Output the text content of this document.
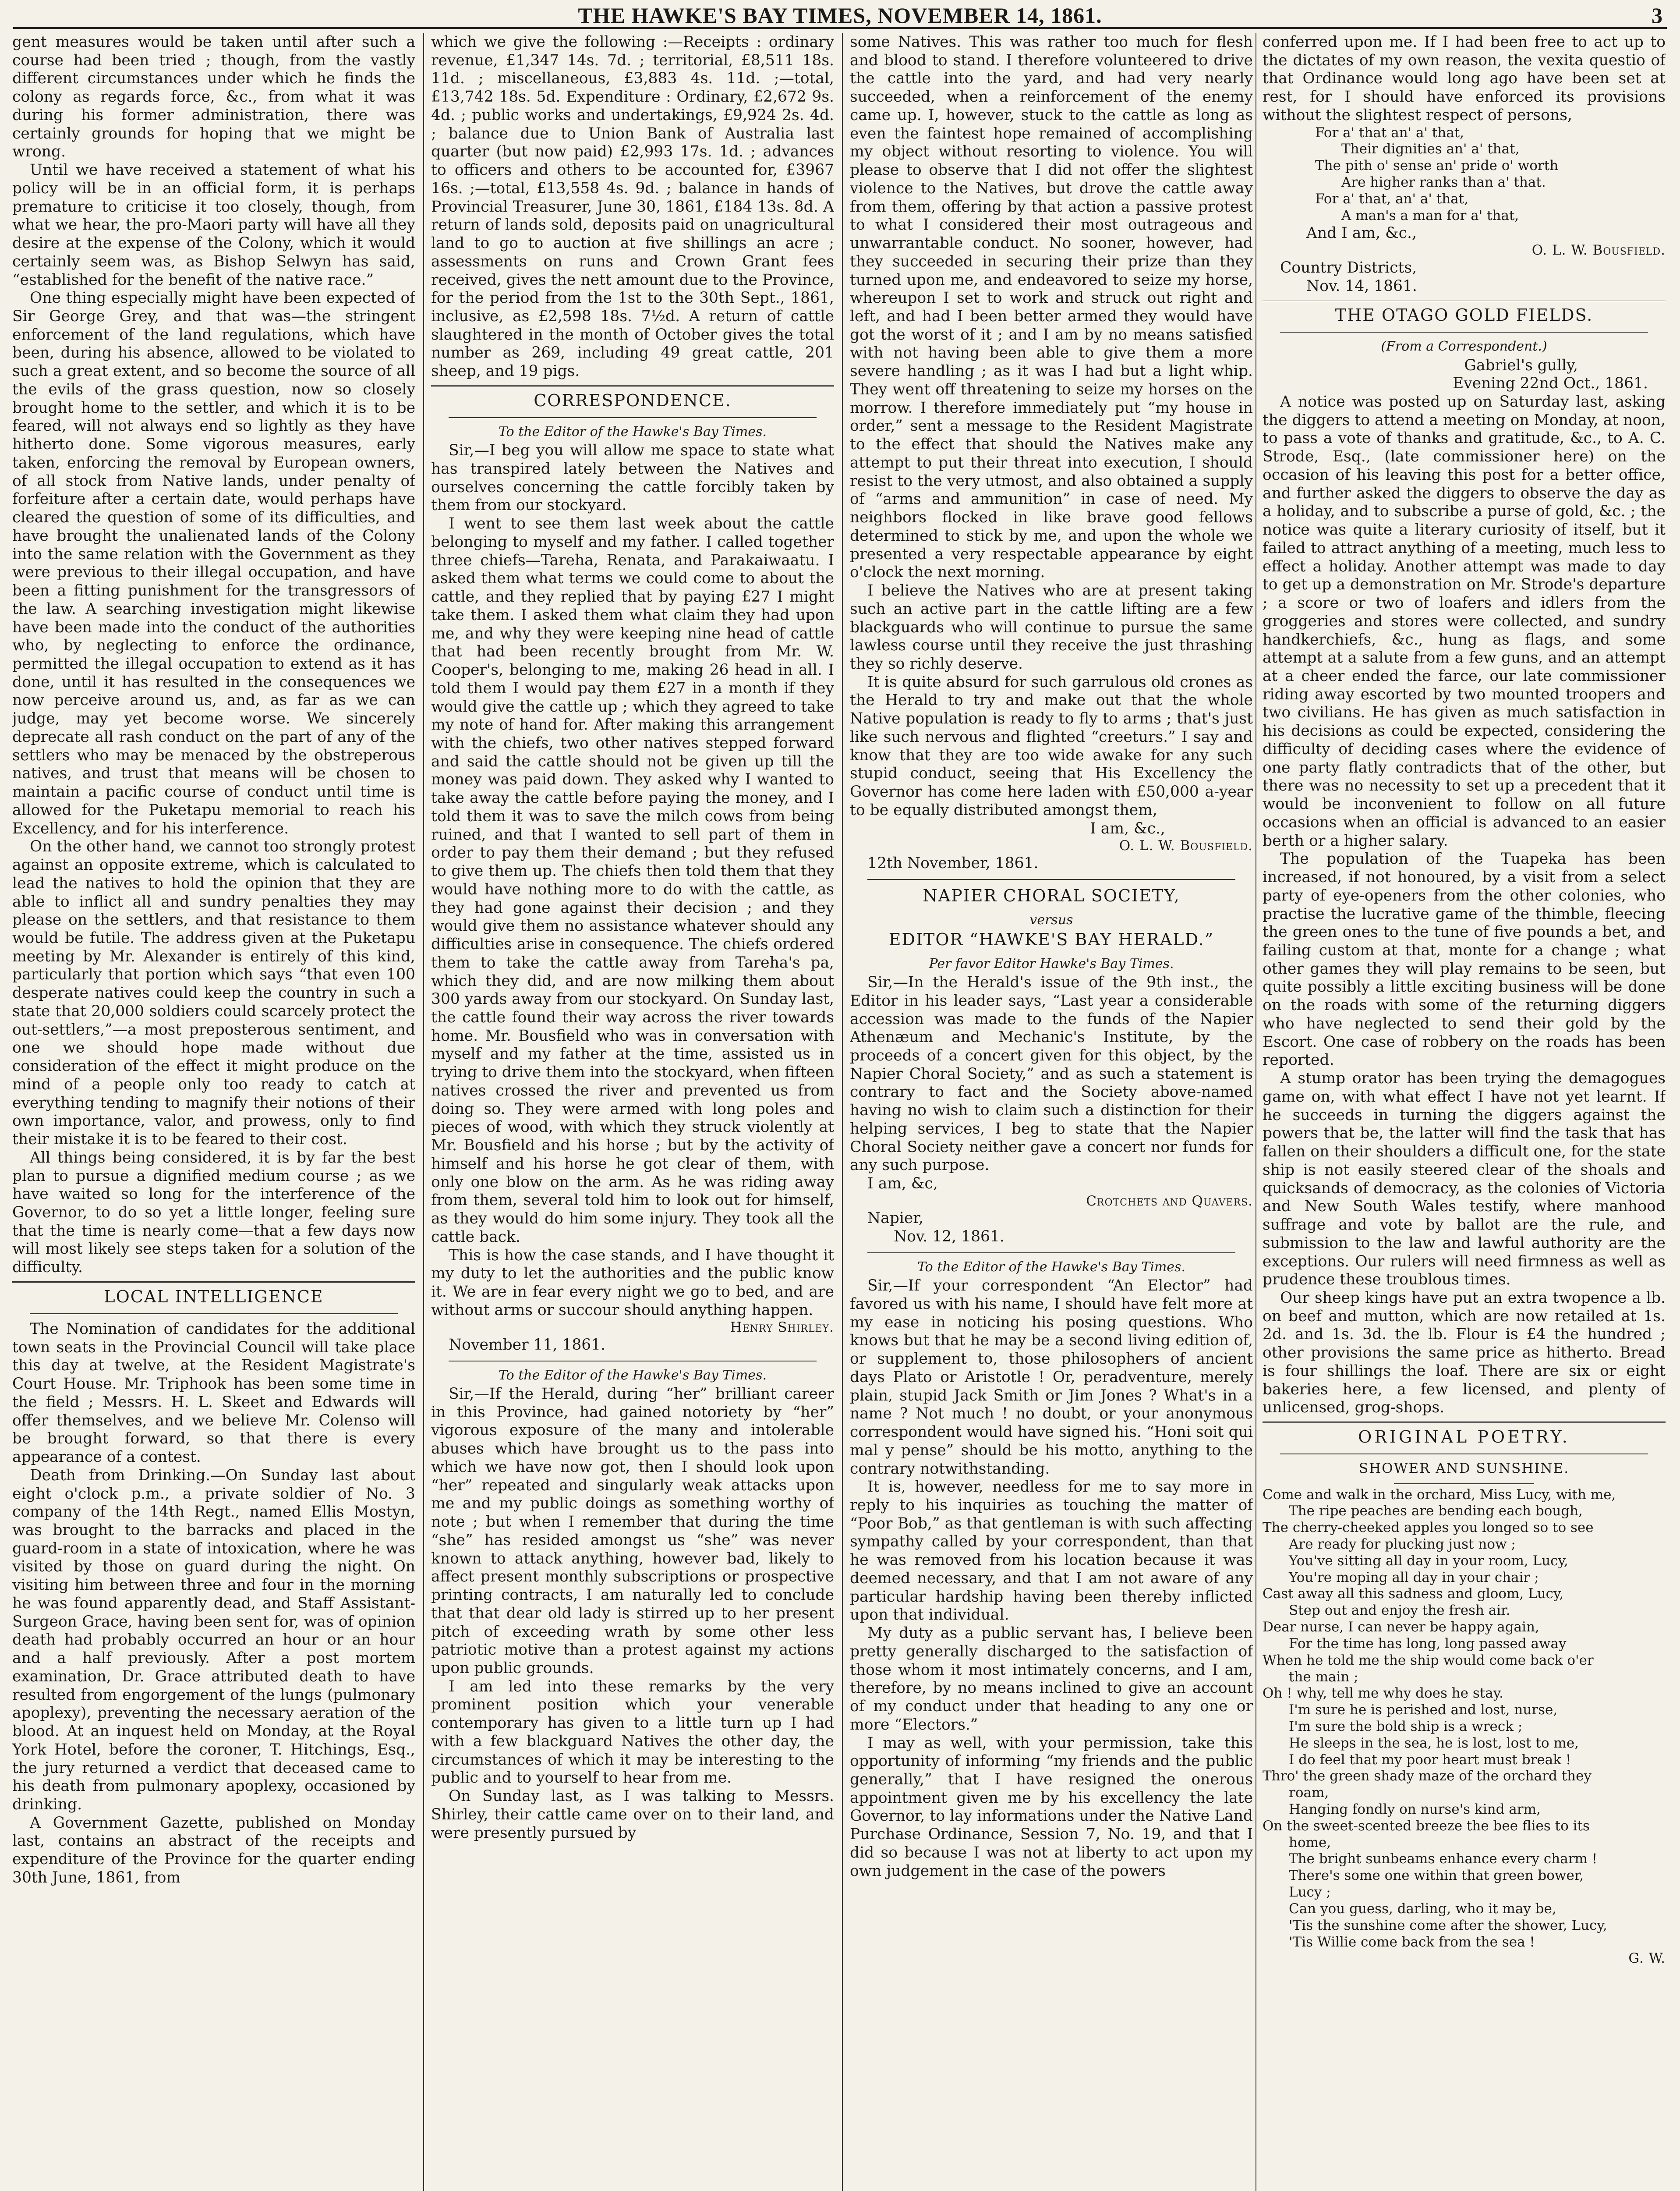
THE HAWKE'S BAY TIMES, NOVEMBER 14, 1861.	3

gent measures would be taken until after such a course had been tried ; though, from the vastly different circumstances under which he finds the colony as regards force, &c., from what it was during his former administration, there was certainly grounds for hoping that we might be wrong.

Until we have received a statement of what his policy will be in an official form, it is perhaps premature to criticise it too closely, though, from what we hear, the pro-Maori party will have all they desire at the expense of the Colony, which it would certainly seem was, as Bishop Selwyn has said, “established for the benefit of the native race.”

One thing especially might have been expected of Sir George Grey, and that was—the stringent enforcement of the land regulations, which have been, during his absence, allowed to be violated to such a great extent, and so become the source of all the evils of the grass question, now so closely brought home to the settler, and which it is to be feared, will not always end so lightly as they have hitherto done. Some vigorous measures, early taken, enforcing the removal by European owners, of all stock from Native lands, under penalty of forfeiture after a certain date, would perhaps have cleared the question of some of its difficulties, and have brought the unalienated lands of the Colony into the same relation with the Government as they were previous to their illegal occupation, and have been a fitting punishment for the transgressors of the law. A searching investigation might likewise have been made into the conduct of the authorities who, by neglecting to enforce the ordinance, permitted the illegal occupation to extend as it has done, until it has resulted in the consequences we now perceive around us, and, as far as we can judge, may yet become worse. We sincerely deprecate all rash conduct on the part of any of the settlers who may be menaced by the obstreperous natives, and trust that means will be chosen to maintain a pacific course of conduct until time is allowed for the Puketapu memorial to reach his Excellency, and for his interference.

On the other hand, we cannot too strongly protest against an opposite extreme, which is calculated to lead the natives to hold the opinion that they are able to inflict all and sundry penalties they may please on the settlers, and that resistance to them would be futile. The address given at the Puketapu meeting by Mr. Alexander is entirely of this kind, particularly that portion which says “that even 100 desperate natives could keep the country in such a state that 20,000 soldiers could scarcely protect the out-settlers,”—a most preposterous sentiment, and one we should hope made without due consideration of the effect it might produce on the mind of a people only too ready to catch at everything tending to magnify their notions of their own importance, valor, and prowess, only to find their mistake it is to be feared to their cost.

All things being considered, it is by far the best plan to pursue a dignified medium course ; as we have waited so long for the interference of the Governor, to do so yet a little longer, feeling sure that the time is nearly come—that a few days now will most likely see steps taken for a solution of the difficulty.

LOCAL INTELLIGENCE

The Nomination of candidates for the additional town seats in the Provincial Council will take place this day at twelve, at the Resident Magistrate's Court House. Mr. Triphook has been some time in the field ; Messrs. H. L. Skeet and Edwards will offer themselves, and we believe Mr. Colenso will be brought forward, so that there is every appearance of a contest.

Death from Drinking.—On Sunday last about eight o'clock p.m., a private soldier of No. 3 company of the 14th Regt., named Ellis Mostyn, was brought to the barracks and placed in the guard-room in a state of intoxication, where he was visited by those on guard during the night. On visiting him between three and four in the morning he was found apparently dead, and Staff Assistant-Surgeon Grace, having been sent for, was of opinion death had probably occurred an hour or an hour and a half previously. After a post mortem examination, Dr. Grace attributed death to have resulted from engorgement of the lungs (pulmonary apoplexy), preventing the necessary aeration of the blood. At an inquest held on Monday, at the Royal York Hotel, before the coroner, T. Hitchings, Esq., the jury returned a verdict that deceased came to his death from pulmonary apoplexy, occasioned by drinking.

A Government Gazette, published on Monday last, contains an abstract of the receipts and expenditure of the Province for the quarter ending 30th June, 1861, from

which we give the following :—Receipts : ordinary revenue, £1,347 14s. 7d. ; territorial, £8,511 18s. 11d. ; miscellaneous, £3,883 4s. 11d. ;—total, £13,742 18s. 5d. Expenditure : Ordinary, £2,672 9s. 4d. ; public works and undertakings, £9,924 2s. 4d. ; balance due to Union Bank of Australia last quarter (but now paid) £2,993 17s. 1d. ; advances to officers and others to be accounted for, £3967 16s. ;—total, £13,558 4s. 9d. ; balance in hands of Provincial Treasurer, June 30, 1861, £184 13s. 8d. A return of lands sold, deposits paid on unagricultural land to go to auction at five shillings an acre ; assessments on runs and Crown Grant fees received, gives the nett amount due to the Province, for the period from the 1st to the 30th Sept., 1861, inclusive, as £2,598 18s. 7½d. A return of cattle slaughtered in the month of October gives the total number as 269, including 49 great cattle, 201 sheep, and 19 pigs.

CORRESPONDENCE.
To the Editor of the Hawke's Bay Times.

Sir,—I beg you will allow me space to state what has transpired lately between the Natives and ourselves concerning the cattle forcibly taken by them from our stockyard.

I went to see them last week about the cattle belonging to myself and my father. I called together three chiefs—Tareha, Renata, and Parakaiwaatu. I asked them what terms we could come to about the cattle, and they replied that by paying £27 I might take them. I asked them what claim they had upon me, and why they were keeping nine head of cattle that had been recently brought from Mr. W. Cooper's, belonging to me, making 26 head in all. I told them I would pay them £27 in a month if they would give the cattle up ; which they agreed to take my note of hand for. After making this arrangement with the chiefs, two other natives stepped forward and said the cattle should not be given up till the money was paid down. They asked why I wanted to take away the cattle before paying the money, and I told them it was to save the milch cows from being ruined, and that I wanted to sell part of them in order to pay them their demand ; but they refused to give them up. The chiefs then told them that they would have nothing more to do with the cattle, as they had gone against their decision ; and they would give them no assistance whatever should any difficulties arise in consequence. The chiefs ordered them to take the cattle away from Tareha's pa, which they did, and are now milking them about 300 yards away from our stockyard. On Sunday last, the cattle found their way across the river towards home. Mr. Bousfield who was in conversation with myself and my father at the time, assisted us in trying to drive them into the stockyard, when fifteen natives crossed the river and prevented us from doing so. They were armed with long poles and pieces of wood, with which they struck violently at Mr. Bousfield and his horse ; but by the activity of himself and his horse he got clear of them, with only one blow on the arm. As he was riding away from them, several told him to look out for himself, as they would do him some injury. They took all the cattle back.

This is how the case stands, and I have thought it my duty to let the authorities and the public know it. We are in fear every night we go to bed, and are without arms or succour should anything happen.

Henry Shirley.

November 11, 1861.

To the Editor of the Hawke's Bay Times.

Sir,—If the Herald, during “her” brilliant career in this Province, had gained notoriety by “her” vigorous exposure of the many and intolerable abuses which have brought us to the pass into which we have now got, then I should look upon “her” repeated and singularly weak attacks upon me and my public doings as something worthy of note ; but when I remember that during the time “she” has resided amongst us “she” was never known to attack anything, however bad, likely to affect present monthly subscriptions or prospective printing contracts, I am naturally led to conclude that that dear old lady is stirred up to her present pitch of exceeding wrath by some other less patriotic motive than a protest against my actions upon public grounds.

I am led into these remarks by the very prominent position which your venerable contemporary has given to a little turn up I had with a few blackguard Natives the other day, the circumstances of which it may be interesting to the public and to yourself to hear from me.

On Sunday last, as I was talking to Messrs. Shirley, their cattle came over on to their land, and were presently pursued by

some Natives. This was rather too much for flesh and blood to stand. I therefore volunteered to drive the cattle into the yard, and had very nearly succeeded, when a reinforcement of the enemy came up. I, however, stuck to the cattle as long as even the faintest hope remained of accomplishing my object without resorting to violence. You will please to observe that I did not offer the slightest violence to the Natives, but drove the cattle away from them, offering by that action a passive protest to what I considered their most outrageous and unwarrantable conduct. No sooner, however, had they succeeded in securing their prize than they turned upon me, and endeavored to seize my horse, whereupon I set to work and struck out right and left, and had I been better armed they would have got the worst of it ; and I am by no means satisfied with not having been able to give them a more severe handling ; as it was I had but a light whip. They went off threatening to seize my horses on the morrow. I therefore immediately put “my house in order,” sent a message to the Resident Magistrate to the effect that should the Natives make any attempt to put their threat into execution, I should resist to the very utmost, and also obtained a supply of “arms and ammunition” in case of need. My neighbors flocked in like brave good fellows determined to stick by me, and upon the whole we presented a very respectable appearance by eight o'clock the next morning.

I believe the Natives who are at present taking such an active part in the cattle lifting are a few blackguards who will continue to pursue the same lawless course until they receive the just thrashing they so richly deserve.

It is quite absurd for such garrulous old crones as the Herald to try and make out that the whole Native population is ready to fly to arms ; that's just like such nervous and flighted “creeturs.” I say and know that they are too wide awake for any such stupid conduct, seeing that His Excellency the Governor has come here laden with £50,000 a-year to be equally distributed amongst them,

I am, &c.,

O. L. W. Bousfield.

12th November, 1861.

NAPIER CHORAL SOCIETY,
versus
EDITOR “HAWKE'S BAY HERALD.”
Per favor Editor Hawke's Bay Times.

Sir,—In the Herald's issue of the 9th inst., the Editor in his leader says, “Last year a considerable accession was made to the funds of the Napier Athenæum and Mechanic's Institute, by the proceeds of a concert given for this object, by the Napier Choral Society,” and as such a statement is contrary to fact and the Society above-named having no wish to claim such a distinction for their helping services, I beg to state that the Napier Choral Society neither gave a concert nor funds for any such purpose.

I am, &c,

Crotchets and Quavers.

Napier,

Nov. 12, 1861.

To the Editor of the Hawke's Bay Times.

Sir,—If your correspondent “An Elector” had favored us with his name, I should have felt more at my ease in noticing his posing questions. Who knows but that he may be a second living edition of, or supplement to, those philosophers of ancient days Plato or Aristotle ! Or, peradventure, merely plain, stupid Jack Smith or Jim Jones ? What's in a name ? Not much ! no doubt, or your anonymous correspondent would have signed his. “Honi soit qui mal y pense” should be his motto, anything to the contrary notwithstanding.

It is, however, needless for me to say more in reply to his inquiries as touching the matter of “Poor Bob,” as that gentleman is with such affecting sympathy called by your correspondent, than that he was removed from his location because it was deemed necessary, and that I am not aware of any particular hardship having been thereby inflicted upon that individual.

My duty as a public servant has, I believe been pretty generally discharged to the satisfaction of those whom it most intimately concerns, and I am, therefore, by no means inclined to give an account of my conduct under that heading to any one or more “Electors.”

I may as well, with your permission, take this opportunity of informing “my friends and the public generally,” that I have resigned the onerous appointment given me by his excellency the late Governor, to lay informations under the Native Land Purchase Ordinance, Session 7, No. 19, and that I did so because I was not at liberty to act upon my own judgement in the case of the powers

conferred upon me. If I had been free to act up to the dictates of my own reason, the vexita questio of that Ordinance would long ago have been set at rest, for I should have enforced its provisions without the slightest respect of persons,

For a' that an' a' that,

Their dignities an' a' that,

The pith o' sense an' pride o' worth

Are higher ranks than a' that.

For a' that, an' a' that,

A man's a man for a' that,

And I am, &c.,

O. L. W. Bousfield.

Country Districts,

Nov. 14, 1861.

THE OTAGO GOLD FIELDS.
(From a Correspondent.)

Gabriel's gully,

Evening 22nd Oct., 1861.

A notice was posted up on Saturday last, asking the diggers to attend a meeting on Monday, at noon, to pass a vote of thanks and gratitude, &c., to A. C. Strode, Esq., (late commissioner here) on the occasion of his leaving this post for a better office, and further asked the diggers to observe the day as a holiday, and to subscribe a purse of gold, &c. ; the notice was quite a literary curiosity of itself, but it failed to attract anything of a meeting, much less to effect a holiday. Another attempt was made to day to get up a demonstration on Mr. Strode's departure ; a score or two of loafers and idlers from the groggeries and stores were collected, and sundry handkerchiefs, &c., hung as flags, and some attempt at a salute from a few guns, and an attempt at a cheer ended the farce, our late commissioner riding away escorted by two mounted troopers and two civilians. He has given as much satisfaction in his decisions as could be expected, considering the difficulty of deciding cases where the evidence of one party flatly contradicts that of the other, but there was no necessity to set up a precedent that it would be inconvenient to follow on all future occasions when an official is advanced to an easier berth or a higher salary.

The population of the Tuapeka has been increased, if not honoured, by a visit from a select party of eye-openers from the other colonies, who practise the lucrative game of the thimble, fleecing the green ones to the tune of five pounds a bet, and failing custom at that, monte for a change ; what other games they will play remains to be seen, but quite possibly a little exciting business will be done on the roads with some of the returning diggers who have neglected to send their gold by the Escort. One case of robbery on the roads has been reported.

A stump orator has been trying the demagogues game on, with what effect I have not yet learnt. If he succeeds in turning the diggers against the powers that be, the latter will find the task that has fallen on their shoulders a difficult one, for the state ship is not easily steered clear of the shoals and quicksands of democracy, as the colonies of Victoria and New South Wales testify, where manhood suffrage and vote by ballot are the rule, and submission to the law and lawful authority are the exceptions. Our rulers will need firmness as well as prudence these troublous times.

Our sheep kings have put an extra twopence a lb. on beef and mutton, which are now retailed at 1s. 2d. and 1s. 3d. the lb. Flour is £4 the hundred ; other provisions the same price as hitherto. Bread is four shillings the loaf. There are six or eight bakeries here, a few licensed, and plenty of unlicensed, grog-shops.

ORIGINAL POETRY.
SHOWER AND SUNSHINE.

Come and walk in the orchard, Miss Lucy, with me,

The ripe peaches are bending each bough,

The cherry-cheeked apples you longed so to see

Are ready for plucking just now ;

You've sitting all day in your room, Lucy,

You're moping all day in your chair ;

Cast away all this sadness and gloom, Lucy,

Step out and enjoy the fresh air.

Dear nurse, I can never be happy again,

For the time has long, long passed away

When he told me the ship would come back o'er

the main ;

Oh ! why, tell me why does he stay.

I'm sure he is perished and lost, nurse,

I'm sure the bold ship is a wreck ;

He sleeps in the sea, he is lost, lost to me,

I do feel that my poor heart must break !

Thro' the green shady maze of the orchard they

roam,

Hanging fondly on nurse's kind arm,

On the sweet-scented breeze the bee flies to its

home,

The bright sunbeams enhance every charm !

There's some one within that green bower,

Lucy ;

Can you guess, darling, who it may be,

'Tis the sunshine come after the shower, Lucy,

'Tis Willie come back from the sea !

G. W.
